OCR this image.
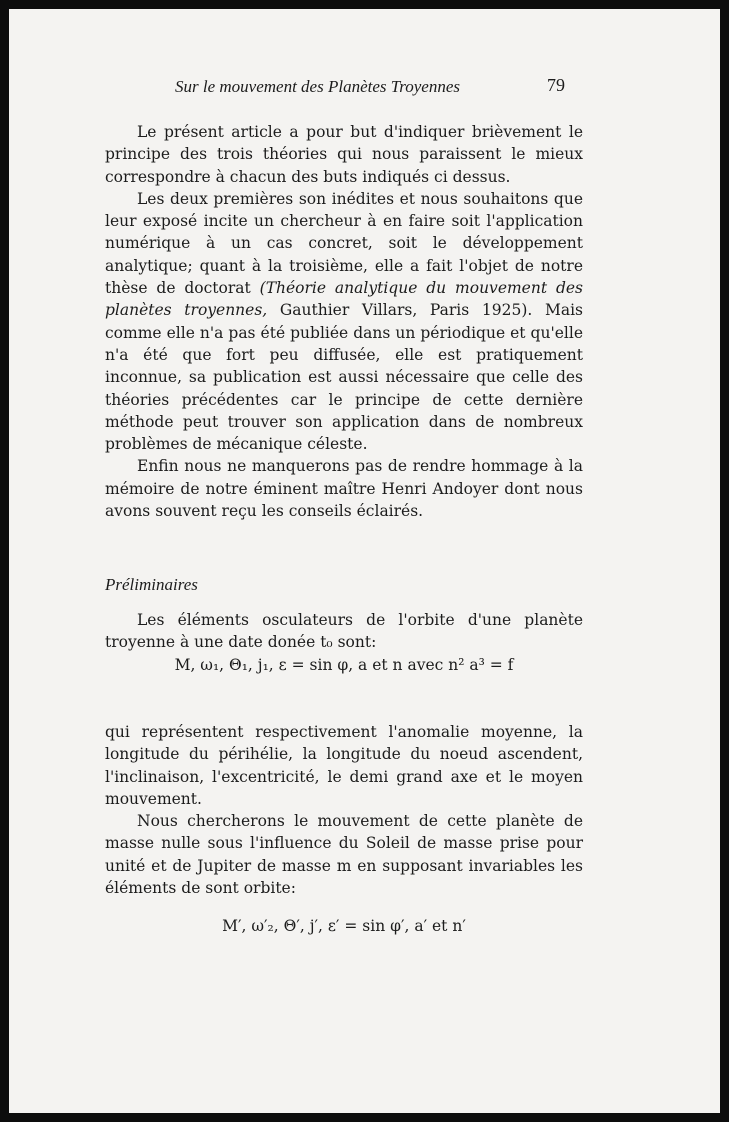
Sur le mouvement des Planètes Troyennes	79

Le présent article a pour but d'indiquer brièvement le principe des trois théories qui nous paraissent le mieux correspondre à chacun des buts indiqués ci dessus.

Les deux premières son inédites et nous souhaitons que leur exposé incite un chercheur à en faire soit l'application numérique à un cas concret, soit le développement analytique; quant à la troisième, elle a fait l'objet de notre thèse de doctorat (Théorie analytique du mouvement des planètes troyennes, Gauthier Villars, Paris 1925). Mais comme elle n'a pas été publiée dans un périodique et qu'elle n'a été que fort peu diffusée, elle est pratiquement inconnue, sa publication est aussi nécessaire que celle des théories précédentes car le principe de cette dernière méthode peut trouver son application dans de nombreux problèmes de mécanique céleste.

Enfin nous ne manquerons pas de rendre hommage à la mémoire de notre éminent maître Henri Andoyer dont nous avons souvent reçu les conseils éclairés.

Préliminaires

Les éléments osculateurs de l'orbite d'une planète troyenne à une date donée t₀ sont:

M, ω₁, Θ₁, j₁, ε = sin φ, a et n avec n² a³ = f

qui représentent respectivement l'anomalie moyenne, la longitude du périhélie, la longitude du noeud ascendent, l'inclinaison, l'excentricité, le demi grand axe et le moyen mouvement.

Nous chercherons le mouvement de cette planète de masse nulle sous l'influence du Soleil de masse prise pour unité et de Jupiter de masse m en supposant invariables les éléments de sont orbite:

M′, ω′₂, Θ′, j′, ε′ = sin φ′, a′ et n′
